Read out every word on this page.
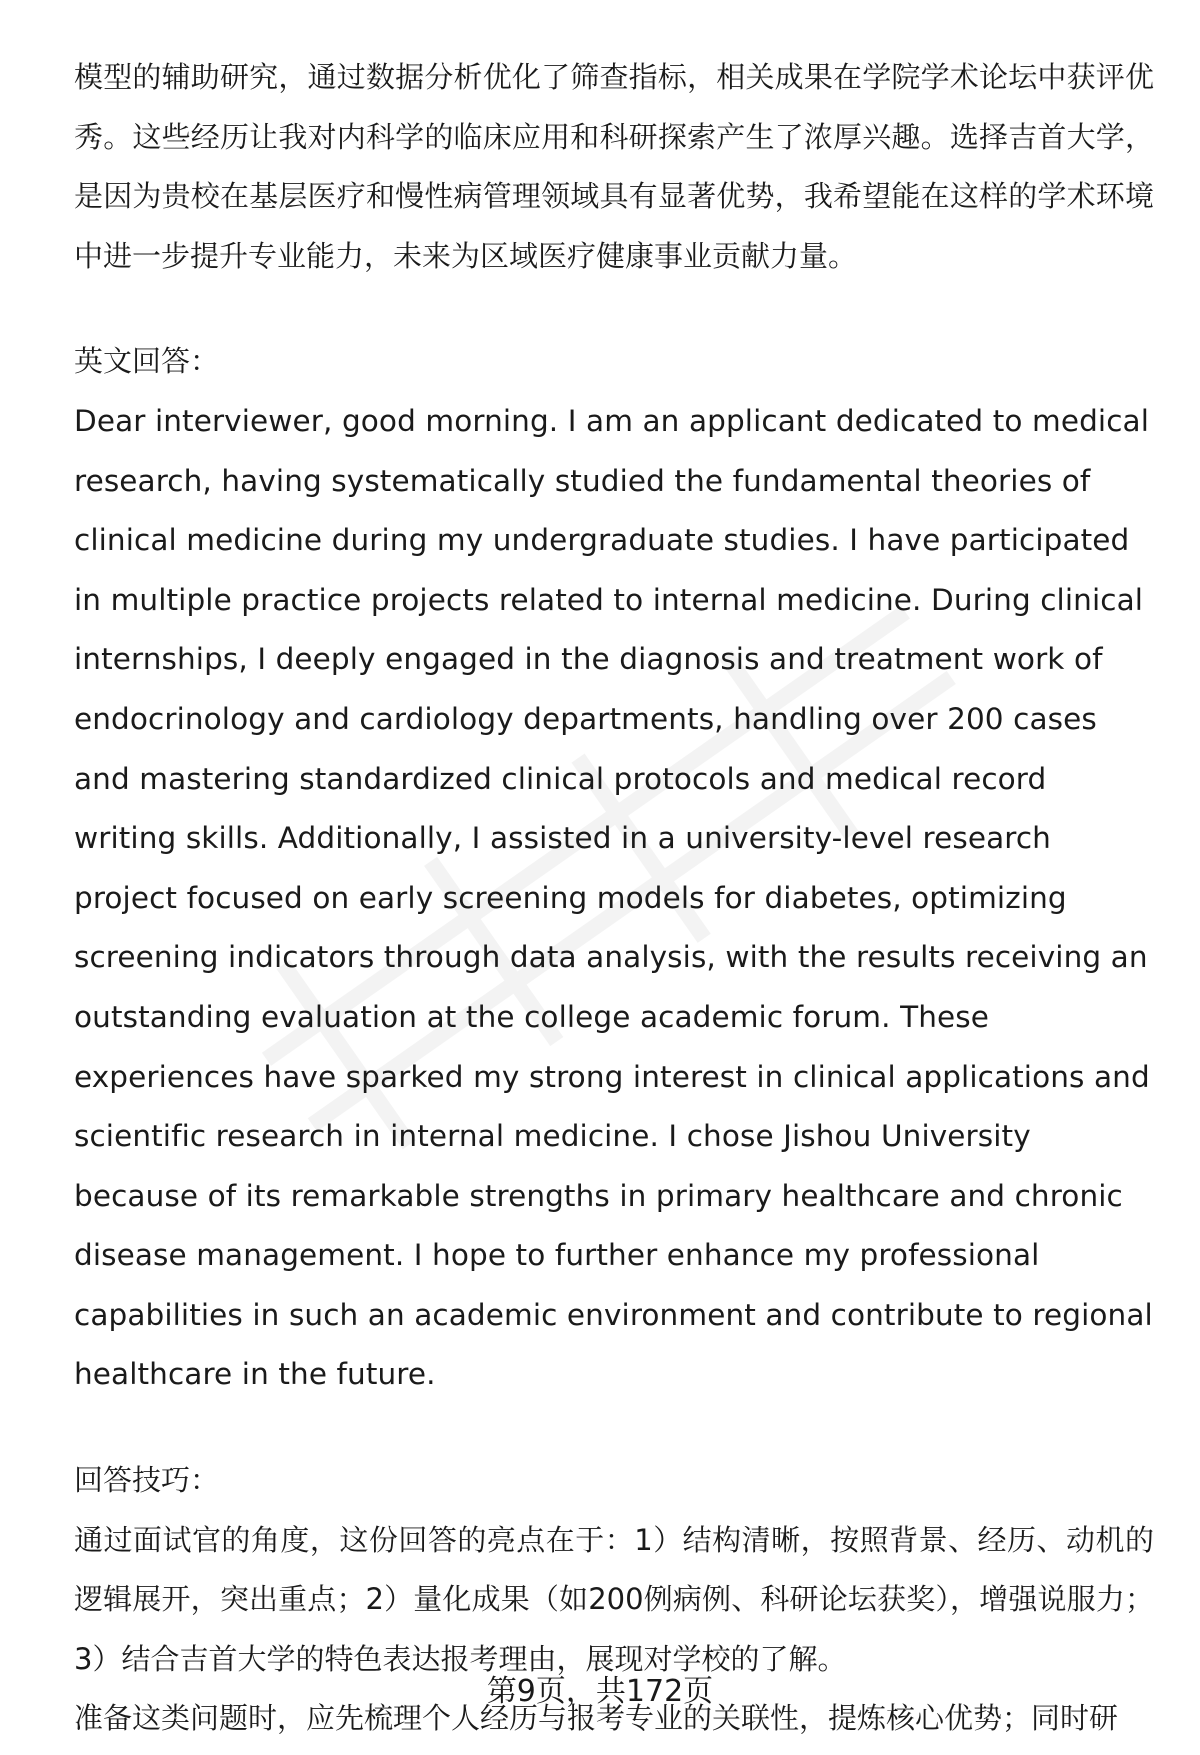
模型的辅助研究，通过数据分析优化了筛查指标，相关成果在学院学术论坛中获评优秀。这些经历让我对内科学的临床应用和科研探索产生了浓厚兴趣。选择吉首大学，是因为贵校在基层医疗和慢性病管理领域具有显著优势，我希望能在这样的学术环境中进一步提升专业能力，未来为区域医疗健康事业贡献力量。

英文回答：

Dear interviewer, good morning. I am an applicant dedicated to medical research, having systematically studied the fundamental theories of clinical medicine during my undergraduate studies. I have participated in multiple practice projects related to internal medicine. During clinical internships, I deeply engaged in the diagnosis and treatment work of endocrinology and cardiology departments, handling over 200 cases and mastering standardized clinical protocols and medical record writing skills. Additionally, I assisted in a university-level research project focused on early screening models for diabetes, optimizing screening indicators through data analysis, with the results receiving an outstanding evaluation at the college academic forum. These experiences have sparked my strong interest in clinical applications and scientific research in internal medicine. I chose Jishou University because of its remarkable strengths in primary healthcare and chronic disease management. I hope to further enhance my professional capabilities in such an academic environment and contribute to regional healthcare in the future.

回答技巧：

通过面试官的角度，这份回答的亮点在于：1）结构清晰，按照背景、经历、动机的逻辑展开，突出重点；2）量化成果（如200例病例、科研论坛获奖），增强说服力；3）结合吉首大学的特色表达报考理由，展现对学校的了解。

准备这类问题时，应先梳理个人经历与报考专业的关联性，提炼核心优势；同时研

第9页，共172页
